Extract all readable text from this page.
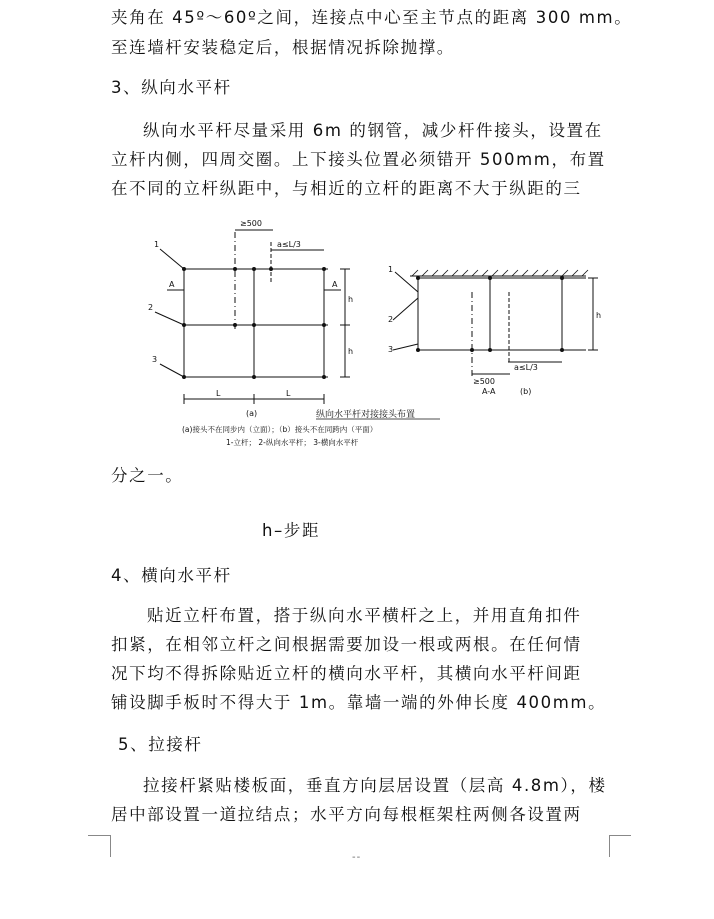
夹角在 45º～60º之间，连接点中心至主节点的距离 300 mm。
至连墙杆安装稳定后，根据情况拆除抛撑。
3、纵向水平杆
纵向水平杆尽量采用 6m 的钢管，减少杆件接头，设置在
立杆内侧，四周交圈。上下接头位置必须错开 500mm，布置
在不同的立杆纵距中，与相近的立杆的距离不大于纵距的三
≥500
a≤L/3
1
2
3
A	A
h
h
L	L
(a)
1
2
3
h
≥500
a≤L/3
A-A	(b)
纵向水平杆对接接头布置
(a)接头不在同步内（立面）；（b）接头不在同跨内（平面）
1-立杆； 2-纵向水平杆； 3-横向水平杆
分之一。
h–步距
4、横向水平杆
贴近立杆布置，搭于纵向水平横杆之上，并用直角扣件
扣紧，在相邻立杆之间根据需要加设一根或两根。在任何情
况下均不得拆除贴近立杆的横向水平杆，其横向水平杆间距
铺设脚手板时不得大于 1m。靠墙一端的外伸长度 400mm。
5、拉接杆
拉接杆紧贴楼板面，垂直方向层居设置（层高 4.8m），楼
居中部设置一道拉结点；水平方向每根框架柱两侧各设置两
--
